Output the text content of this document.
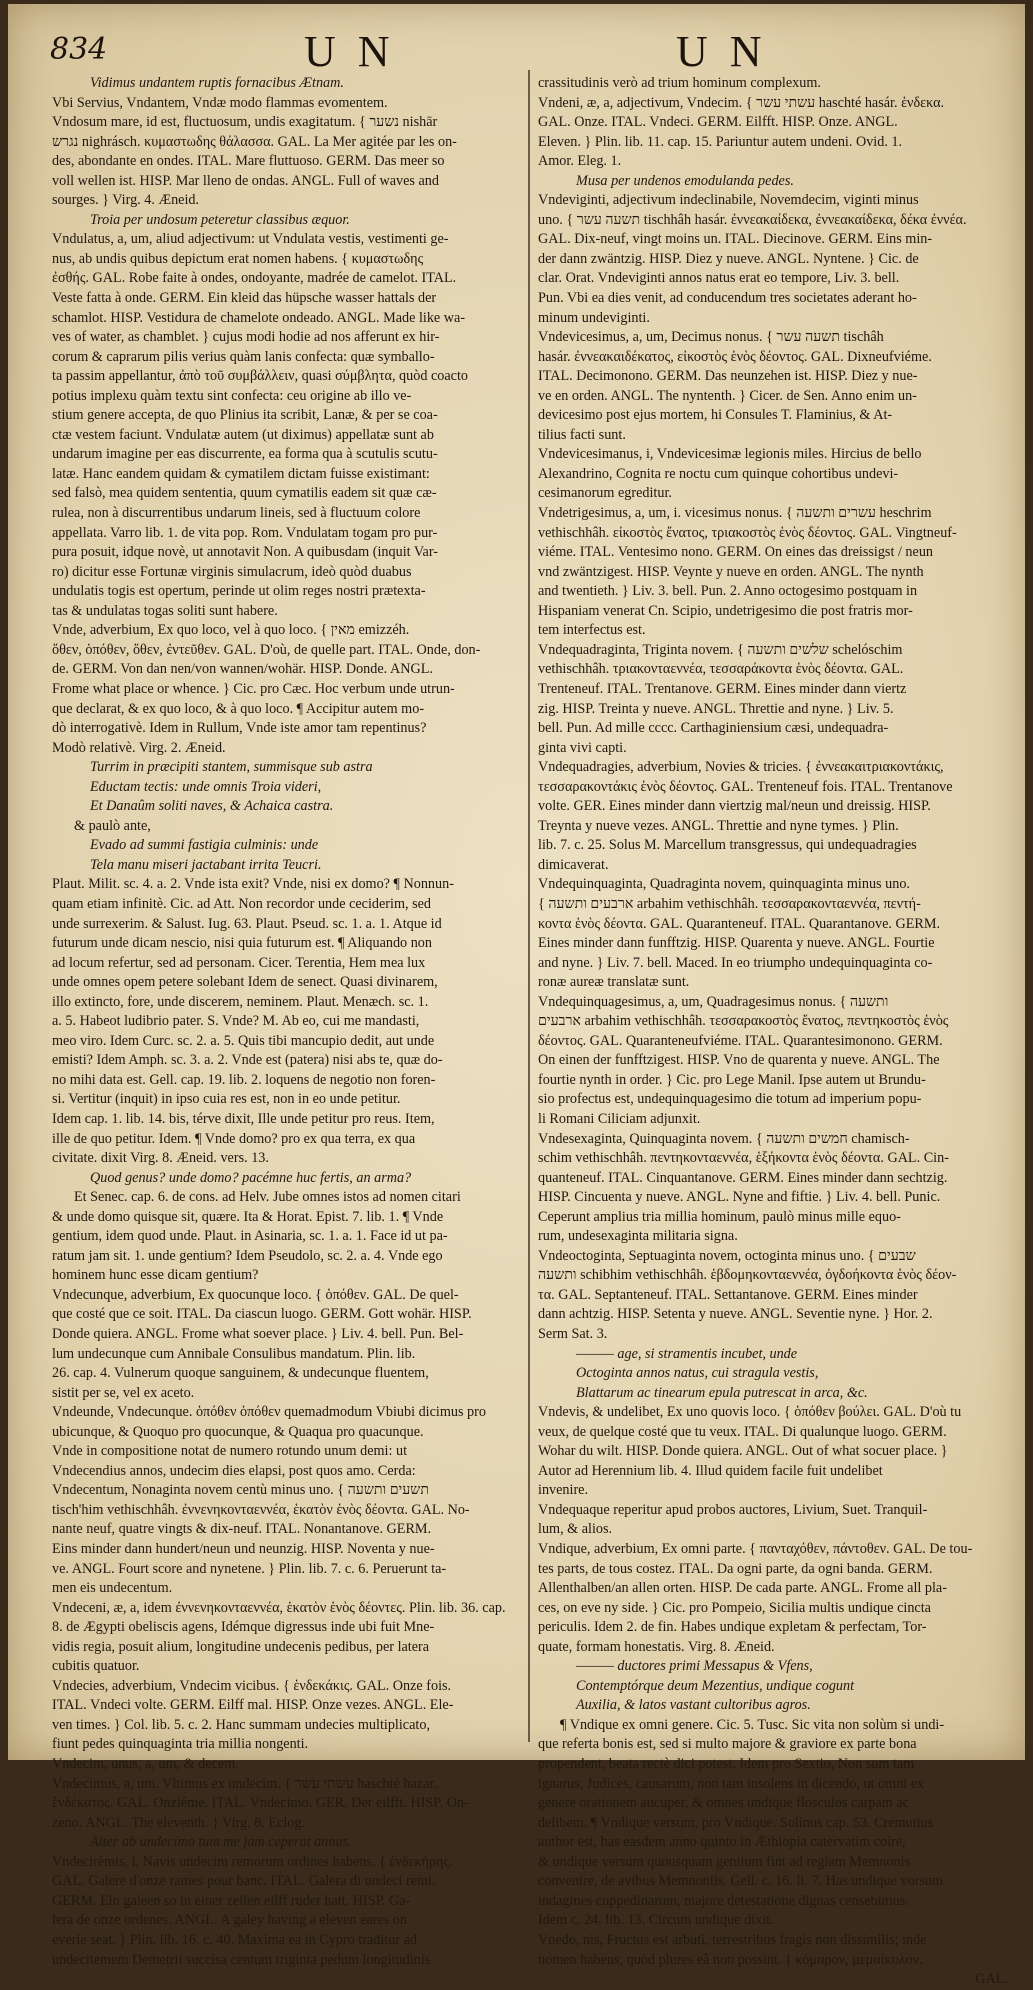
834	UN	UN
Vidimus undantem ruptis fornacibus Ætnam.
Vbi Servius, Vndantem, Vndæ modo flammas evomentem.
Vndosum mare, id est, fluctuosum, undis exagitatum. { נשער nishār
נגרש nighrásch. κυμαστωδης θάλασσα. GAL. La Mer agitée par les on-
des, abondante en ondes. ITAL. Mare fluttuoso. GERM. Das meer so
voll wellen ist. HISP. Mar lleno de ondas. ANGL. Full of waves and
sourges. } Virg. 4. Æneid.
Troia per undosum peteretur classibus æquor.
Vndulatus, a, um, aliud adjectivum: ut Vndulata vestis, vestimenti ge-
nus, ab undis quibus depictum erat nomen habens. { κυμαστωδης
ἐσθής. GAL. Robe faite à ondes, ondoyante, madrée de camelot. ITAL.
Veste fatta à onde. GERM. Ein kleid das hüpsche wasser hattals der
schamlot. HISP. Vestidura de chamelote ondeado. ANGL. Made like wa-
ves of water, as chamblet. } cujus modi hodie ad nos afferunt ex hir-
corum & caprarum pilis verius quàm lanis confecta: quæ symballo-
ta passim appellantur, ἀπὸ τοῦ συμβάλλειν, quasi σύμβλητα, quòd coacto
potius implexu quàm textu sint confecta: ceu origine ab illo ve-
stium genere accepta, de quo Plinius ita scribit, Lanæ, & per se coa-
ctæ vestem faciunt. Vndulatæ autem (ut diximus) appellatæ sunt ab
undarum imagine per eas discurrente, ea forma qua à scutulis scutu-
latæ. Hanc eandem quidam & cymatilem dictam fuisse existimant:
sed falsò, mea quidem sententia, quum cymatilis eadem sit quæ cæ-
rulea, non à discurrentibus undarum lineis, sed à fluctuum colore
appellata. Varro lib. 1. de vita pop. Rom. Vndulatam togam pro pur-
pura posuit, idque novè, ut annotavit Non. A quibusdam (inquit Var-
ro) dicitur esse Fortunæ virginis simulacrum, ideò quòd duabus
undulatis togis est opertum, perinde ut olim reges nostri prætexta-
tas & undulatas togas soliti sunt habere.
Vnde, adverbium, Ex quo loco, vel à quo loco. { מאין emizzéh.
ὅθεν, ὁπόθεν, ὅθεν, ἐντεῦθεν. GAL. D'où, de quelle part. ITAL. Onde, don-
de. GERM. Von dan nen/von wannen/wohär. HISP. Donde. ANGL.
Frome what place or whence. } Cic. pro Cæc. Hoc verbum unde utrun-
que declarat, & ex quo loco, & à quo loco. ¶ Accipitur autem mo-
dò interrogativè. Idem in Rullum, Vnde iste amor tam repentinus?
Modò relativè. Virg. 2. Æneid.
Turrim in præcipiti stantem, summisque sub astra
Eductam tectis: unde omnis Troia videri,
Et Danaûm soliti naves, & Achaica castra.
& paulò ante,
Evado ad summi fastigia culminis: unde
Tela manu miseri jactabant irrita Teucri.
Plaut. Milit. sc. 4. a. 2. Vnde ista exit? Vnde, nisi ex domo? ¶ Nonnun-
quam etiam infinitè. Cic. ad Att. Non recordor unde ceciderim, sed
unde surrexerim. & Salust. Iug. 63. Plaut. Pseud. sc. 1. a. 1. Atque id
futurum unde dicam nescio, nisi quia futurum est. ¶ Aliquando non
ad locum refertur, sed ad personam. Cicer. Terentia, Hem mea lux
unde omnes opem petere solebant Idem de senect. Quasi divinarem,
illo extincto, fore, unde discerem, neminem. Plaut. Menæch. sc. 1.
a. 5. Habeot ludibrio pater. S. Vnde? M. Ab eo, cui me mandasti,
meo viro. Idem Curc. sc. 2. a. 5. Quis tibi mancupio dedit, aut unde
emisti? Idem Amph. sc. 3. a. 2. Vnde est (patera) nisi abs te, quæ do-
no mihi data est. Gell. cap. 19. lib. 2. loquens de negotio non foren-
si. Vertitur (inquit) in ipso cuia res est, non in eo unde petitur.
Idem cap. 1. lib. 14. bis, térve dixit, Ille unde petitur pro reus. Item,
ille de quo petitur. Idem. ¶ Vnde domo? pro ex qua terra, ex qua
civitate. dixit Virg. 8. Æneid. vers. 13.
Quod genus? unde domo? pacémne huc fertis, an arma?
Et Senec. cap. 6. de cons. ad Helv. Jube omnes istos ad nomen citari
& unde domo quisque sit, quære. Ita & Horat. Epist. 7. lib. 1. ¶ Vnde
gentium, idem quod unde. Plaut. in Asinaria, sc. 1. a. 1. Face id ut pa-
ratum jam sit. 1. unde gentium? Idem Pseudolo, sc. 2. a. 4. Vnde ego
hominem hunc esse dicam gentium?
Vndecunque, adverbium, Ex quocunque loco. { ὁπόθεν. GAL. De quel-
que costé que ce soit. ITAL. Da ciascun luogo. GERM. Gott wohär. HISP.
Donde quiera. ANGL. Frome what soever place. } Liv. 4. bell. Pun. Bel-
lum undecunque cum Annibale Consulibus mandatum. Plin. lib.
26. cap. 4. Vulnerum quoque sanguinem, & undecunque fluentem,
sistit per se, vel ex aceto.
Vndeunde, Vndecunque. ὁπόθεν ὁπόθεν quemadmodum Vbiubi dicimus pro
ubicunque, & Quoquo pro quocunque, & Quaqua pro quacunque.
Vnde in compositione notat de numero rotundo unum demi: ut
Vndecendius annos, undecim dies elapsi, post quos amo. Cerda:
Vndecentum, Nonaginta novem centù minus uno. { תשעים ותשעה
tisch'him vethischhâh. ἐννενηκονταεννέα, ἑκατὸν ἑνὸς δέοντα. GAL. No-
nante neuf, quatre vingts & dix-neuf. ITAL. Nonantanove. GERM.
Eins minder dann hundert/neun und neunzig. HISP. Noventa y nue-
ve. ANGL. Fourt score and nynetene. } Plin. lib. 7. c. 6. Peruerunt ta-
men eis undecentum.
Vndeceni, æ, a, idem ἐννενηκονταεννέα, ἑκατὸν ἑνὸς δέοντες. Plin. lib. 36. cap.
8. de Ægypti obeliscis agens, Idémque digressus inde ubi fuit Mne-
vidis regia, posuit alium, longitudine undecenis pedibus, per latera
cubitis quatuor.
Vndecies, adverbium, Vndecim vicibus. { ἑνδεκάκις. GAL. Onze fois.
ITAL. Vndeci volte. GERM. Eilff mal. HISP. Onze vezes. ANGL. Ele-
ven times. } Col. lib. 5. c. 2. Hanc summam undecies multiplicato,
fiunt pedes quinquaginta tria millia nongenti.
Vndecim, unus, a, um, & decem.
Vndecimus, a, um. Vltimus ex undecim. { עשתי עשר haschté hazar.
ἑνδέκατος. GAL. Onziéme. ITAL. Vndecimo. GER. Der eilfft. HISP. On-
zeno. ANGL. The eleventh. } Virg. 8. Eclog.
Alter ab undecimo tum me jam ceperat annus.
Vndecirèmis, i, Navis undecim remorum ordines habens. { ἑνδεκήρης.
GAL. Galere d'onze rames pour banc. ITAL. Galera di undeci remi.
GERM. Ein galeen so in einer zeilen eilff ruder hatt. HISP. Ga-
lera de onze ordenes. ANGL. A galey having a eleven eares on
everie seat. } Plin. lib. 16. c. 40. Maxima ea in Cypro traditur ad
undecitemem Demetrii succisa centum triginta pedum longitudinis
crassitudinis verò ad trium hominum complexum.
Vndeni, æ, a, adjectivum, Vndecim. { עשתי עשר haschté hasár. ἑνδεκα.
GAL. Onze. ITAL. Vndeci. GERM. Eilfft. HISP. Onze. ANGL.
Eleven. } Plin. lib. 11. cap. 15. Pariuntur autem undeni. Ovid. 1.
Amor. Eleg. 1.
Musa per undenos emodulanda pedes.
Vndeviginti, adjectivum indeclinabile, Novemdecim, viginti minus
uno. { תשעה עשר tischhâh hasár. ἐννεακαίδεκα, ἐννεακαίδεκα, δέκα ἐννέα.
GAL. Dix-neuf, vingt moins un. ITAL. Diecinove. GERM. Eins min-
der dann zwäntzig. HISP. Diez y nueve. ANGL. Nyntene. } Cic. de
clar. Orat. Vndeviginti annos natus erat eo tempore, Liv. 3. bell.
Pun. Vbi ea dies venit, ad conducendum tres societates aderant ho-
minum undeviginti.
Vndevicesimus, a, um, Decimus nonus. { תשעה עשר tischâh
hasár. ἐννεακαιδέκατος, εἰκοστὸς ἑνὸς δέοντος. GAL. Dixneufviéme.
ITAL. Decimonono. GERM. Das neunzehen ist. HISP. Diez y nue-
ve en orden. ANGL. The nyntenth. } Cicer. de Sen. Anno enim un-
devicesimo post ejus mortem, hi Consules T. Flaminius, & At-
tilius facti sunt.
Vndevicesimanus, i, Vndevicesimæ legionis miles. Hircius de bello
Alexandrino, Cognita re noctu cum quinque cohortibus undevi-
cesimanorum egreditur.
Vndetrigesimus, a, um, i. vicesimus nonus. { עשרים ותשעה heschrim
vethischhâh. εἰκοστὸς ἔνατος, τριακοστὸς ἑνὸς δέοντος. GAL. Vingtneuf-
viéme. ITAL. Ventesimo nono. GERM. On eines das dreissigst / neun
vnd zwäntzigest. HISP. Veynte y nueve en orden. ANGL. The nynth
and twentieth. } Liv. 3. bell. Pun. 2. Anno octogesimo postquam in
Hispaniam venerat Cn. Scipio, undetrigesimo die post fratris mor-
tem interfectus est.
Vndequadraginta, Triginta novem. { שלשים ותשעה schelóschim
vethischhâh. τριακονταεννέα, τεσσαράκοντα ἑνὸς δέοντα. GAL.
Trenteneuf. ITAL. Trentanove. GERM. Eines minder dann viertz
zig. HISP. Treinta y nueve. ANGL. Threttie and nyne. } Liv. 5.
bell. Pun. Ad mille cccc. Carthaginiensium cæsi, undequadra-
ginta vivi capti.
Vndequadragies, adverbium, Novies & tricies. { ἐννεακαιτριακοντάκις,
τεσσαρακοντάκις ἑνὸς δέοντος. GAL. Trenteneuf fois. ITAL. Trentanove
volte. GER. Eines minder dann viertzig mal/neun und dreissig. HISP.
Treynta y nueve vezes. ANGL. Threttie and nyne tymes. } Plin.
lib. 7. c. 25. Solus M. Marcellum transgressus, qui undequadragies
dimicaverat.
Vndequinquaginta, Quadraginta novem, quinquaginta minus uno.
{ ארבעים ותשעה arbahim vethischhâh. τεσσαρακονταεννέα, πεντή-
κοντα ἑνὸς δέοντα. GAL. Quaranteneuf. ITAL. Quarantanove. GERM.
Eines minder dann funfftzig. HISP. Quarenta y nueve. ANGL. Fourtie
and nyne. } Liv. 7. bell. Maced. In eo triumpho undequinquaginta co-
ronæ aureæ translatæ sunt.
Vndequinquagesimus, a, um, Quadragesimus nonus. { ותשעה
ארבעים arbahim vethischhâh. τεσσαρακοστὸς ἔνατος, πεντηκοστὸς ἑνὸς
δέοντος. GAL. Quaranteneufviéme. ITAL. Quarantesimonono. GERM.
On einen der funfftzigest. HISP. Vno de quarenta y nueve. ANGL. The
fourtie nynth in order. } Cic. pro Lege Manil. Ipse autem ut Brundu-
sio profectus est, undequinquagesimo die totum ad imperium popu-
li Romani Ciliciam adjunxit.
Vndesexaginta, Quinquaginta novem. { חמשים ותשעה chamisch-
schim vethischhâh. πεντηκονταεννέα, ἑξήκοντα ἑνὸς δέοντα. GAL. Cin-
quanteneuf. ITAL. Cinquantanove. GERM. Eines minder dann sechtzig.
HISP. Cincuenta y nueve. ANGL. Nyne and fiftie. } Liv. 4. bell. Punic.
Ceperunt amplius tria millia hominum, paulò minus mille equo-
rum, undesexaginta militaria signa.
Vndeoctoginta, Septuaginta novem, octoginta minus uno. { שבעים
ותשעה schibhim vethischhâh. ἑβδομηκονταεννέα, ὀγδοήκοντα ἑνὸς δέον-
τα. GAL. Septanteneuf. ITAL. Settantanove. GERM. Eines minder
dann achtzig. HISP. Setenta y nueve. ANGL. Seventie nyne. } Hor. 2.
Serm Sat. 3.
——— age, si stramentis incubet, unde
Octoginta annos natus, cui stragula vestis,
Blattarum ac tinearum epula putrescat in arca, &c.
Vndevis, & undelibet, Ex uno quovis loco. { ὁπόθεν βούλει. GAL. D'où tu
veux, de quelque costé que tu veux. ITAL. Di qualunque luogo. GERM.
Wohar du wilt. HISP. Donde quiera. ANGL. Out of what socuer place. }
Autor ad Herennium lib. 4. Illud quidem facile fuit undelibet
invenire.
Vndequaque reperitur apud probos auctores, Livium, Suet. Tranquil-
lum, & alios.
Vndique, adverbium, Ex omni parte. { πανταχόθεν, πάντοθεν. GAL. De tou-
tes parts, de tous costez. ITAL. Da ogni parte, da ogni banda. GERM.
Allenthalben/an allen orten. HISP. De cada parte. ANGL. Frome all pla-
ces, on eve ny side. } Cic. pro Pompeio, Sicilia multis undique cincta
periculis. Idem 2. de fin. Habes undique expletam & perfectam, Tor-
quate, formam honestatis. Virg. 8. Æneid.
——— ductores primi Messapus & Vfens,
Contemptórque deum Mezentius, undique cogunt
Auxilia, & latos vastant cultoribus agros.
¶ Vndique ex omni genere. Cic. 5. Tusc. Sic vita non solùm si undi-
que referta bonis est, sed si multo majore & graviore ex parte bona
propendent, beata rectè dici potest. Idem pro Sextio, Non sum tam
ignarus, Judices, causarum, non tam insolens in dicendo, ut omni ex
genere orationem aucuper, & omnes undique flosculos carpam ac
delibem. ¶ Vndique versum, pro Vndique. Solinus cap. 53. Cremutius
author est, has easdem anno quinto in Æthiopia catervatim coire,
& undique versum quousquam gentium fint ad regiam Memnonis
convenire, de avibus Memnoniis. Gell. c. 16. li. 7. Has undique vorsum
indagines cuppedinarum, majore detestatione dignas censebimus.
Idem c. 24. lib. 13. Circum undique dixit.
Vnedo, nis, Fructus est arbuti, terrestribus fragis non dissimilis; inde
nomen habens, quòd plures eâ non possint. { κόμαρον, μεμαίκυλον.
GAL.
